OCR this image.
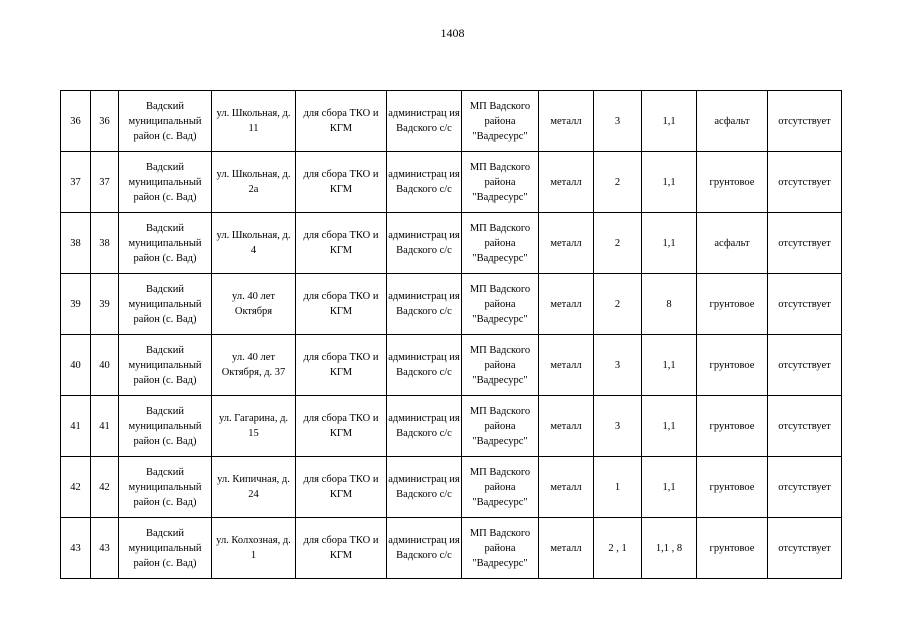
1408
36	36	Вадский муниципальный район (с. Вад)	ул. Школьная, д. 11	для сбора ТКО и КГМ	администрац ия Вадского с/с	МП Вадского района "Вадресурс"	металл	3	1,1	асфальт	отсутствует
37	37	Вадский муниципальный район (с. Вад)	ул. Школьная, д. 2а	для сбора ТКО и КГМ	администрац ия Вадского с/с	МП Вадского района "Вадресурс"	металл	2	1,1	грунтовое	отсутствует
38	38	Вадский муниципальный район (с. Вад)	ул. Школьная, д. 4	для сбора ТКО и КГМ	администрац ия Вадского с/с	МП Вадского района "Вадресурс"	металл	2	1,1	асфальт	отсутствует
39	39	Вадский муниципальный район (с. Вад)	ул. 40 лет Октября	для сбора ТКО и КГМ	администрац ия Вадского с/с	МП Вадского района "Вадресурс"	металл	2	8	грунтовое	отсутствует
40	40	Вадский муниципальный район (с. Вад)	ул. 40 лет Октября, д. 37	для сбора ТКО и КГМ	администрац ия Вадского с/с	МП Вадского района "Вадресурс"	металл	3	1,1	грунтовое	отсутствует
41	41	Вадский муниципальный район (с. Вад)	ул. Гагарина, д. 15	для сбора ТКО и КГМ	администрац ия Вадского с/с	МП Вадского района "Вадресурс"	металл	3	1,1	грунтовое	отсутствует
42	42	Вадский муниципальный район (с. Вад)	ул. Кипичная, д. 24	для сбора ТКО и КГМ	администрац ия Вадского с/с	МП Вадского района "Вадресурс"	металл	1	1,1	грунтовое	отсутствует
43	43	Вадский муниципальный район (с. Вад)	ул. Колхозная, д. 1	для сбора ТКО и КГМ	администрац ия Вадского с/с	МП Вадского района "Вадресурс"	металл	2 , 1	1,1 , 8	грунтовое	отсутствует
